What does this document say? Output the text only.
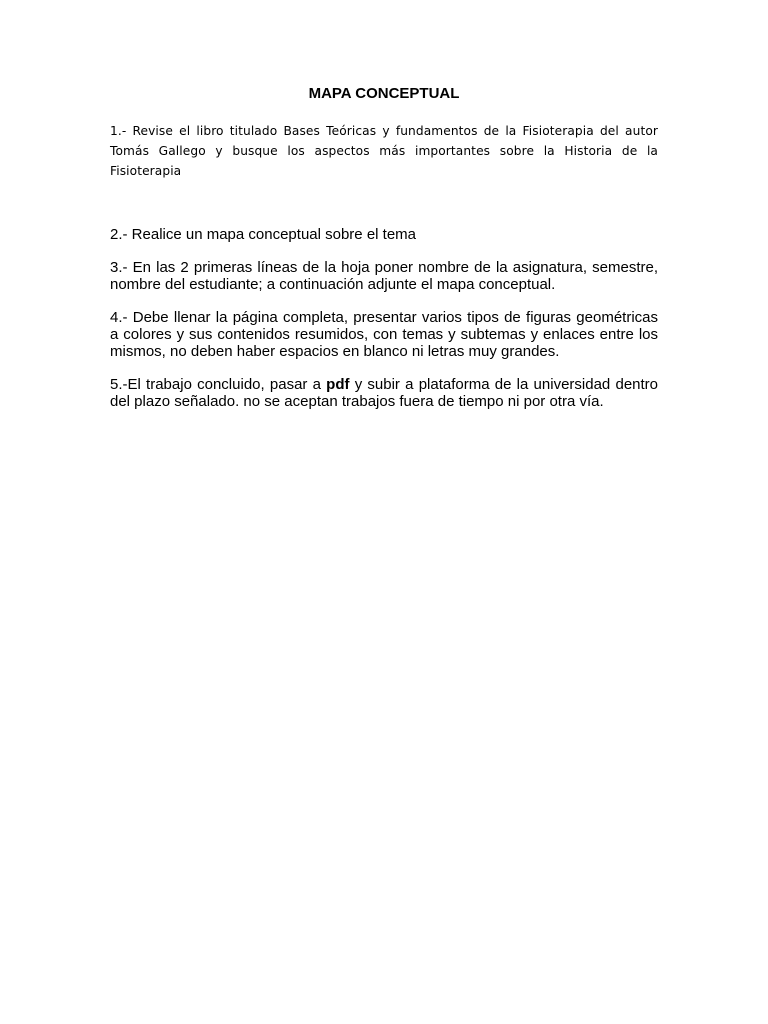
MAPA CONCEPTUAL

1.- Revise el libro titulado Bases Teóricas y fundamentos de la Fisioterapia del autor Tomás Gallego y busque los aspectos más importantes sobre la Historia de la Fisioterapia

2.- Realice un mapa conceptual sobre el tema

3.- En las 2 primeras líneas de la hoja poner nombre de la asignatura, semestre, nombre del estudiante; a continuación adjunte el mapa conceptual.

4.- Debe llenar la página completa, presentar varios tipos de figuras geométricas a colores y sus contenidos resumidos, con temas y subtemas y enlaces entre los mismos, no deben haber espacios en blanco ni letras muy grandes.

5.-El trabajo concluido, pasar a pdf y subir a plataforma de la universidad dentro del plazo señalado. no se aceptan trabajos fuera de tiempo ni por otra vía.
